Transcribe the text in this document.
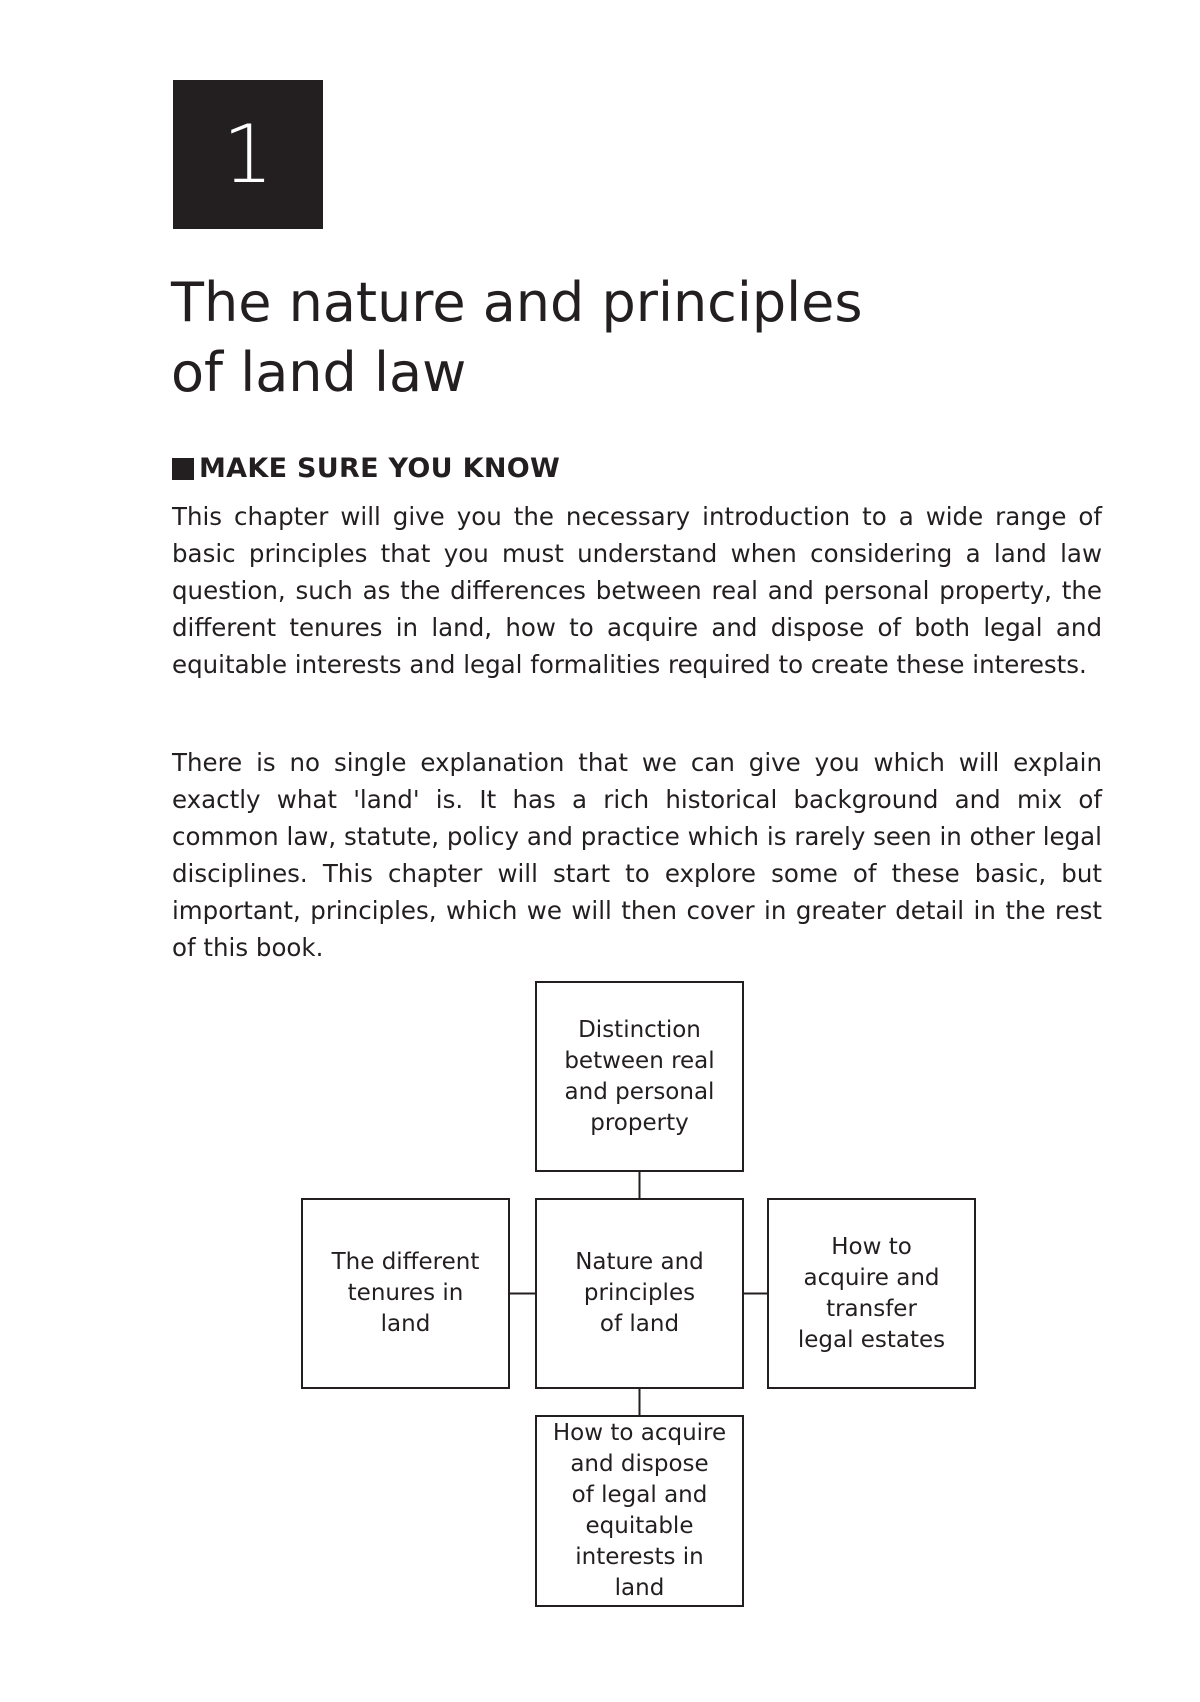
1
The nature and principles
of land law
MAKE SURE YOU KNOW

This chapter will give you the necessary introduction to a wide range of basic principles that you must understand when considering a land law question, such as the differences between real and personal property, the different tenures in land, how to acquire and dispose of both legal and equitable interests and legal formalities required to create these interests.

There is no single explanation that we can give you which will explain exactly what 'land' is. It has a rich historical background and mix of common law, statute, policy and practice which is rarely seen in other legal disciplines. This chapter will start to explore some of these basic, but important, principles, which we will then cover in greater detail in the rest of this book.

Distinction
between real
and personal
property
The different
tenures in
land
Nature and
principles
of land
How to
acquire and
transfer
legal estates
How to acquire
and dispose
of legal and
equitable
interests in
land
